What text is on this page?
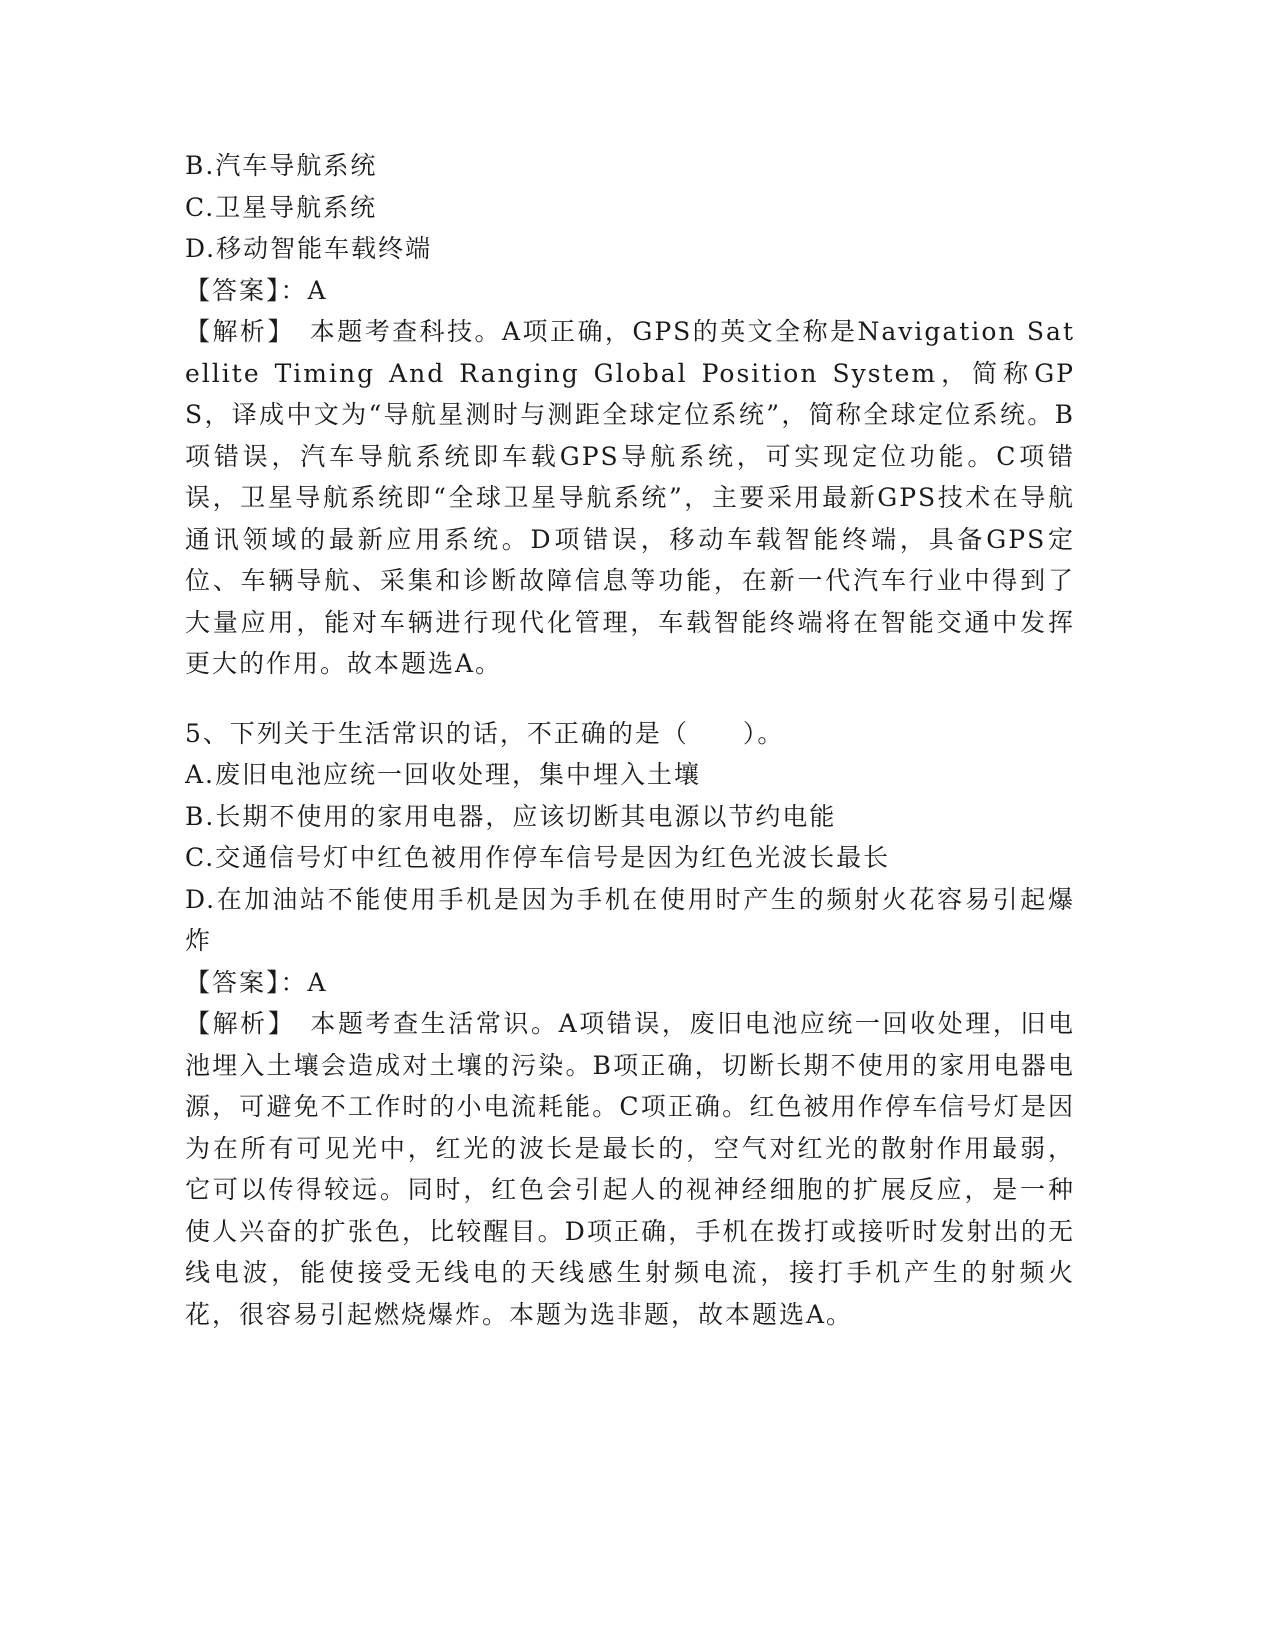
B.汽车导航系统

C.卫星导航系统

D.移动智能车载终端

【答案】：A

【解析】　本题考查科技。A项正确，GPS的英文全称是Navigation Satellite Timing And Ranging Global Position System，简称GPS，译成中文为“导航星测时与测距全球定位系统”，简称全球定位系统。B项错误，汽车导航系统即车载GPS导航系统，可实现定位功能。C项错误，卫星导航系统即“全球卫星导航系统”，主要采用最新GPS技术在导航通讯领域的最新应用系统。D项错误，移动车载智能终端，具备GPS定位、车辆导航、采集和诊断故障信息等功能，在新一代汽车行业中得到了大量应用，能对车辆进行现代化管理，车载智能终端将在智能交通中发挥更大的作用。故本题选A。

5、下列关于生活常识的话，不正确的是（　　）。

A.废旧电池应统一回收处理，集中埋入土壤

B.长期不使用的家用电器，应该切断其电源以节约电能

C.交通信号灯中红色被用作停车信号是因为红色光波长最长

D.在加油站不能使用手机是因为手机在使用时产生的频射火花容易引起爆炸

【答案】：A

【解析】　本题考查生活常识。A项错误，废旧电池应统一回收处理，旧电池埋入土壤会造成对土壤的污染。B项正确，切断长期不使用的家用电器电源，可避免不工作时的小电流耗能。C项正确。红色被用作停车信号灯是因为在所有可见光中，红光的波长是最长的，空气对红光的散射作用最弱，它可以传得较远。同时，红色会引起人的视神经细胞的扩展反应，是一种使人兴奋的扩张色，比较醒目。D项正确，手机在拨打或接听时发射出的无线电波，能使接受无线电的天线感生射频电流，接打手机产生的射频火花，很容易引起燃烧爆炸。本题为选非题，故本题选A。
